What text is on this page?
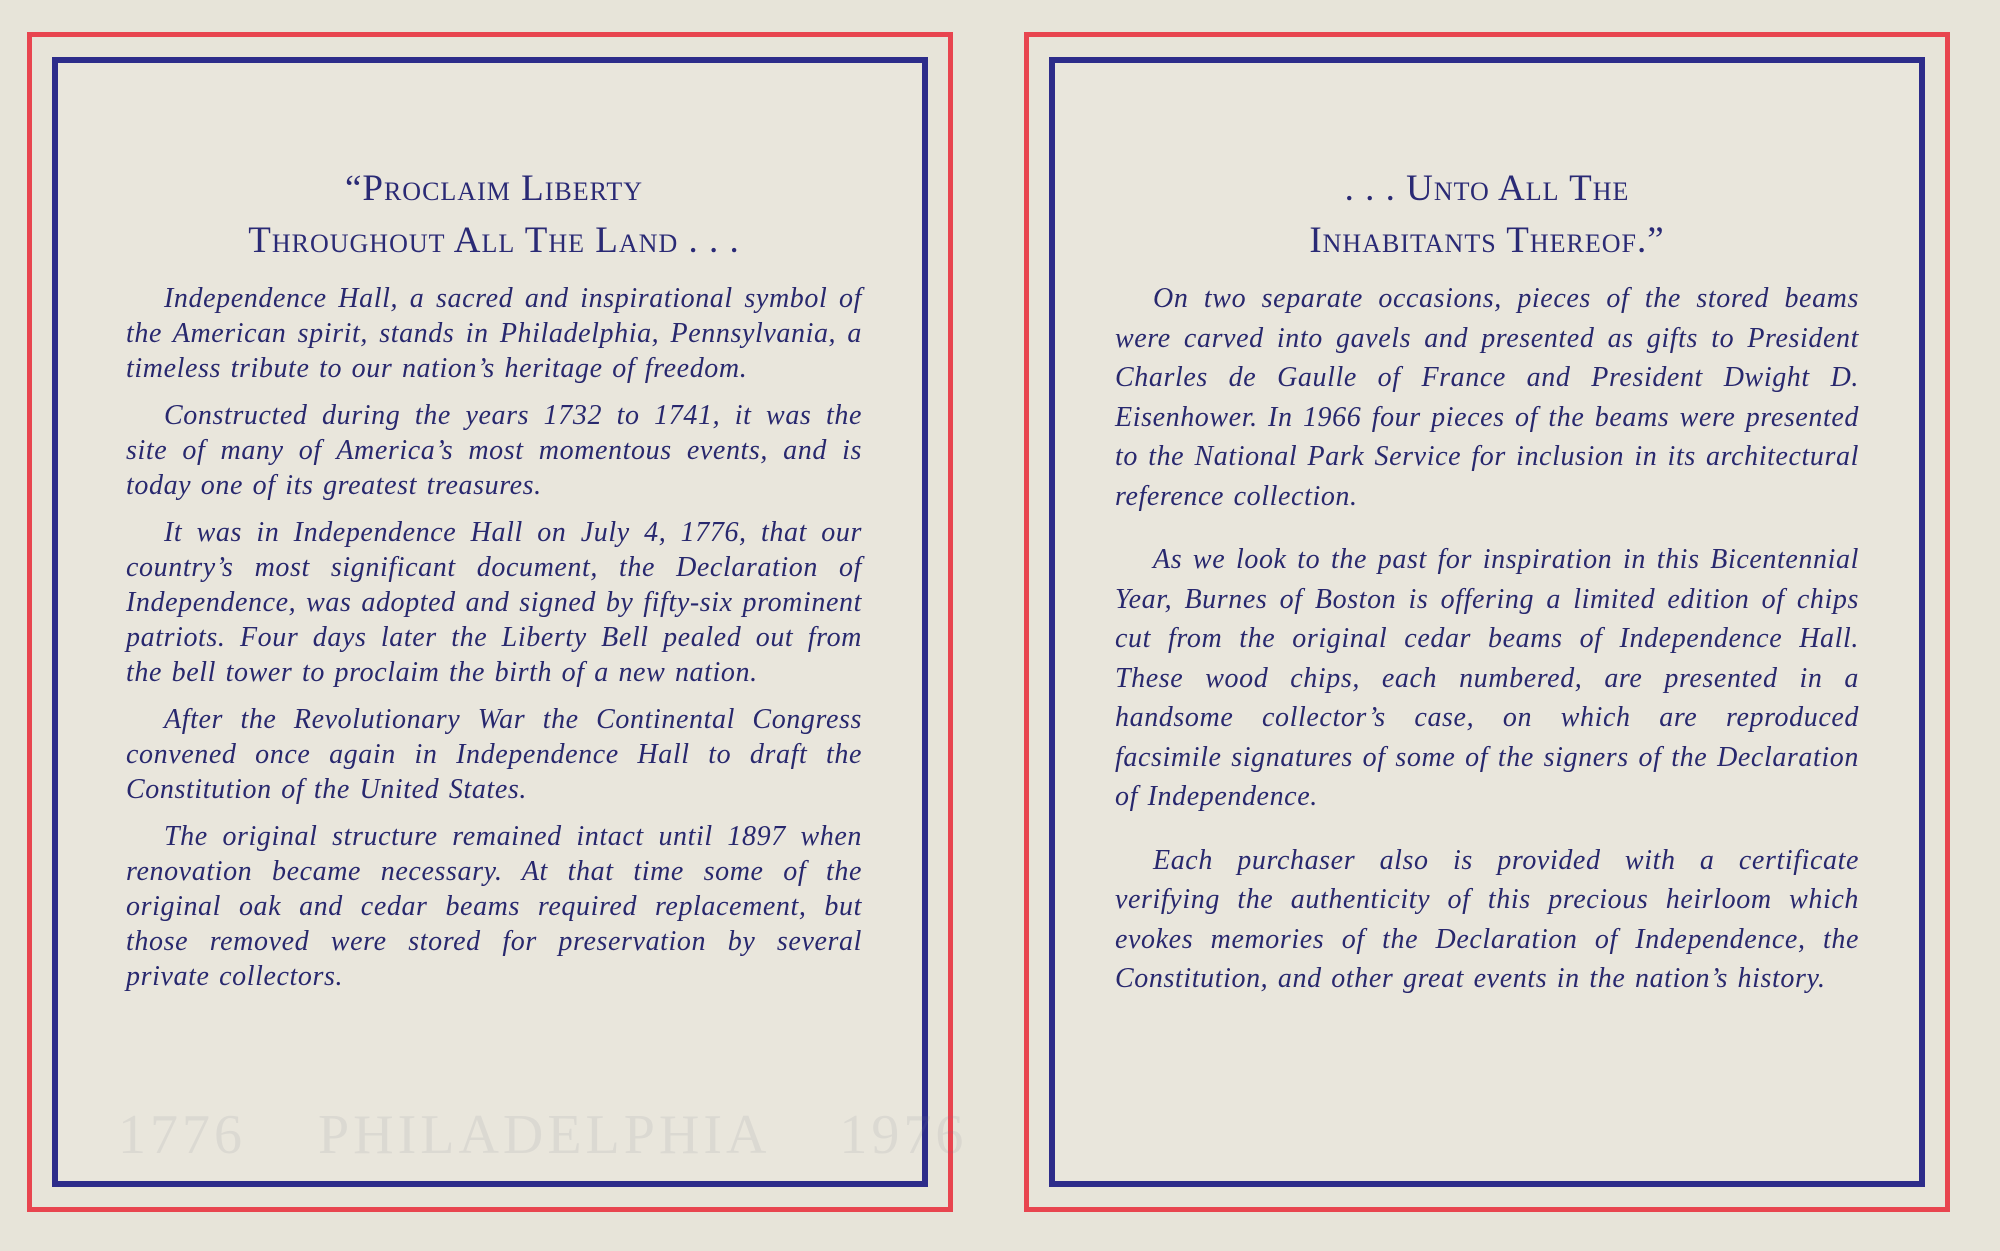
1776    PHILADELPHIA    1976
“Proclaim Liberty
Throughout All The Land . . .

Independence Hall, a sacred and inspirational symbol of the American spirit, stands in Philadelphia, Pennsylvania, a timeless tribute to our nation’s heritage of freedom.

Constructed during the years 1732 to 1741, it was the site of many of America’s most momentous events, and is today one of its greatest treasures.

It was in Independence Hall on July 4, 1776, that our country’s most significant document, the Declaration of Independence, was adopted and signed by fifty-six prominent patriots. Four days later the Liberty Bell pealed out from the bell tower to proclaim the birth of a new nation.

After the Revolutionary War the Continental Congress convened once again in Independence Hall to draft the Constitution of the United States.

The original structure remained intact until 1897 when renovation became necessary. At that time some of the original oak and cedar beams required replacement, but those removed were stored for preservation by several private collectors.

. . . Unto All The
Inhabitants Thereof.”

On two separate occasions, pieces of the stored beams were carved into gavels and presented as gifts to President Charles de Gaulle of France and President Dwight D. Eisenhower. In 1966 four pieces of the beams were presented to the National Park Service for inclusion in its architectural reference collection.

As we look to the past for inspiration in this Bicentennial Year, Burnes of Boston is offering a limited edition of chips cut from the original cedar beams of Independence Hall. These wood chips, each numbered, are presented in a handsome collector’s case, on which are reproduced facsimile signatures of some of the signers of the Declaration of Independence.

Each purchaser also is provided with a certificate verifying the authenticity of this precious heirloom which evokes memories of the Declaration of Independence, the Constitution, and other great events in the nation’s history.
